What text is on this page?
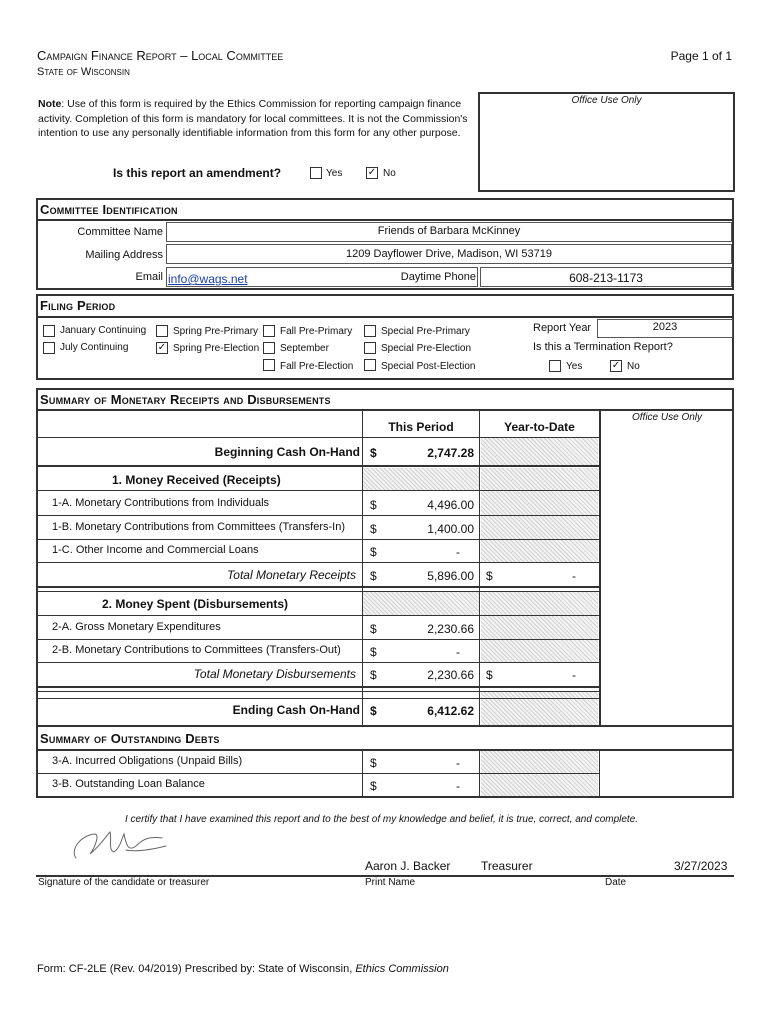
Campaign Finance Report – Local Committee
State of Wisconsin
Page 1 of 1
Note: Use of this form is required by the Ethics Commission for reporting campaign finance activity. Completion of this form is mandatory for local committees. It is not the Commission's intention to use any personally identifiable information from this form for any other purpose.
Office Use Only
Is this report an amendment?	Yes	✓ No
Committee Identification
Committee Name	Friends of Barbara McKinney
Mailing Address	1209 Dayflower Drive, Madison, WI 53719
Email info@wags.net	Daytime Phone	608-213-1173
Filing Period
January Continuing
July Continuing
Spring Pre-Primary
✓ Spring Pre-Election
Fall Pre-Primary
September
Fall Pre-Election
Special Pre-Primary
Special Pre-Election
Special Post-Election
Report Year	2023
Is this a Termination Report?
Yes	✓ No
Summary of Monetary Receipts and Disbursements
Office Use Only
This Period	Year-to-Date
Beginning Cash On-Hand $	2,747.28
1. Money Received (Receipts)
1-A. Monetary Contributions from Individuals	$	4,496.00
1-B. Monetary Contributions from Committees (Transfers-In) $	1,400.00
1-C. Other Income and Commercial Loans	$	-
Total Monetary Receipts $	5,896.00 $	-
2. Money Spent (Disbursements)
2-A. Gross Monetary Expenditures	$	2,230.66
2-B. Monetary Contributions to Committees (Transfers-Out) $	-
Total Monetary Disbursements $	2,230.66 $	-
Ending Cash On-Hand $	6,412.62
Summary of Outstanding Debts
3-A. Incurred Obligations (Unpaid Bills)	$	-
3-B. Outstanding Loan Balance	$	-
I certify that I have examined this report and to the best of my knowledge and belief, it is true, correct, and complete.
Aaron J. Backer	Treasurer	3/27/2023
Signature of the candidate or treasurer	Print Name	Date
Form: CF-2LE (Rev. 04/2019) Prescribed by: State of Wisconsin, Ethics Commission
